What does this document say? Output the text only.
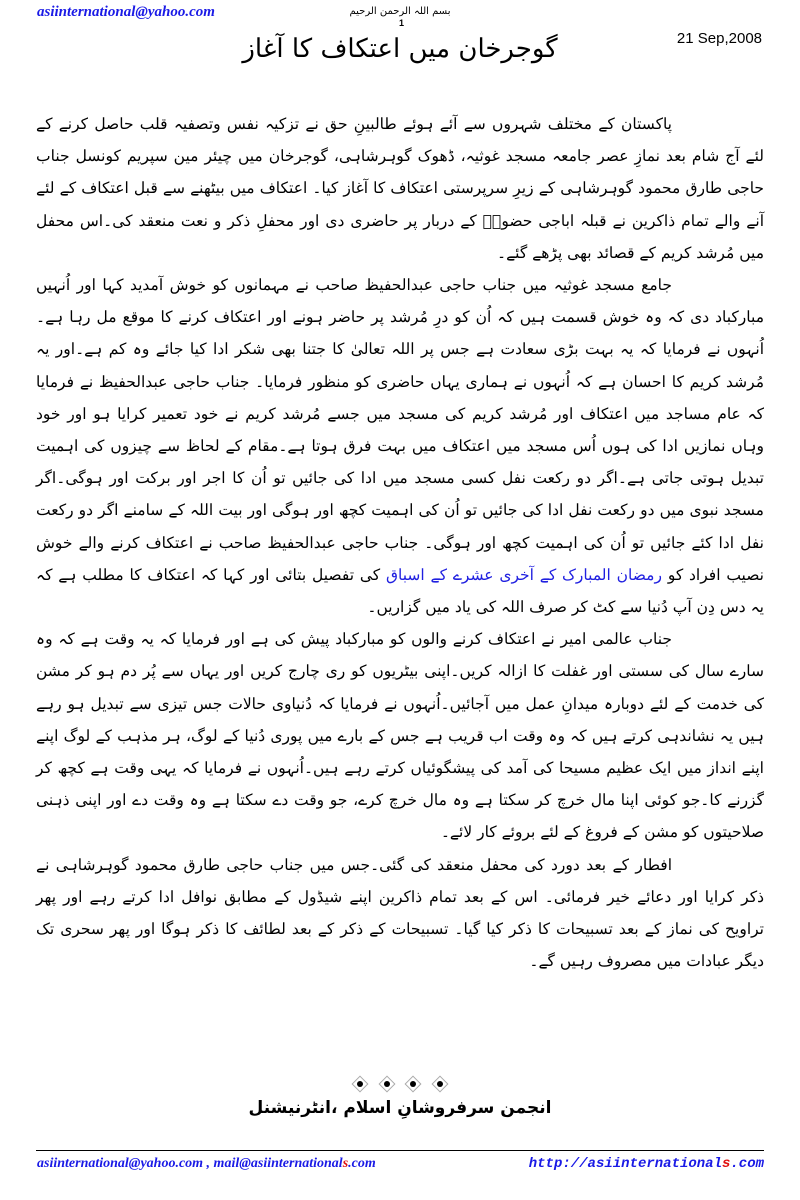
asiinternational@yahoo.com	بسم اللہ الرحمن الرحیم
1
21 Sep,2008
گوجرخان میں اعتکاف کا آغاز

پاکستان کے مختلف شہروں سے آئے ہوئے طالبینِ حق نے تزکیہ نفس وتصفیہ قلب حاصل کرنے کے لئے آج شام بعد نمازِ عصر جامعہ مسجد غوثیہ، ڈھوک گوہرشاہی، گوجرخان میں چیئر مین سپریم کونسل جناب حاجی طارق محمود گوہرشاہی کے زیرِ سرپرستی اعتکاف کا آغاز کیا۔ اعتکاف میں بیٹھنے سے قبل اعتکاف کے لئے آنے والے تمام ذاکرین نے قبلہ اباجی حضورؒ کے دربار پر حاضری دی اور محفلِ ذکر و نعت منعقد کی۔اس محفل میں مُرشد کریم کے قصائد بھی پڑھے گئے۔

جامع مسجد غوثیہ میں جناب حاجی عبدالحفیظ صاحب نے مہمانوں کو خوش آمدید کہا اور اُنہیں مبارکباد دی کہ وہ خوش قسمت ہیں کہ اُن کو درِ مُرشد پر حاضر ہونے اور اعتکاف کرنے کا موقع مل رہا ہے۔اُنہوں نے فرمایا کہ یہ بہت بڑی سعادت ہے جس پر اللہ تعالیٰ کا جتنا بھی شکر ادا کیا جائے وہ کم ہے۔اور یہ مُرشد کریم کا احسان ہے کہ اُنہوں نے ہماری یہاں حاضری کو منظور فرمایا۔ جناب حاجی عبدالحفیظ نے فرمایا کہ عام مساجد میں اعتکاف اور مُرشد کریم کی مسجد میں جسے مُرشد کریم نے خود تعمیر کرایا ہو اور خود وہاں نمازیں ادا کی ہوں اُس مسجد میں اعتکاف میں بہت فرق ہوتا ہے۔مقام کے لحاظ سے چیزوں کی اہمیت تبدیل ہوتی جاتی ہے۔اگر دو رکعت نفل کسی مسجد میں ادا کی جائیں تو اُن کا اجر اور برکت اور ہوگی۔اگر مسجد نبوی میں دو رکعت نفل ادا کی جائیں تو اُن کی اہمیت کچھ اور ہوگی اور بیت اللہ کے سامنے اگر دو رکعت نفل ادا کئے جائیں تو اُن کی اہمیت کچھ اور ہوگی۔ جناب حاجی عبدالحفیظ صاحب نے اعتکاف کرنے والے خوش نصیب افراد کو رمضان المبارک کے آخری عشرے کے اسباق کی تفصیل بتائی اور کہا کہ اعتکاف کا مطلب ہے کہ یہ دس دِن آپ دُنیا سے کٹ کر صرف اللہ کی یاد میں گزاریں۔

جناب عالمی امیر نے اعتکاف کرنے والوں کو مبارکباد پیش کی ہے اور فرمایا کہ یہ وقت ہے کہ وہ سارے سال کی سستی اور غفلت کا ازالہ کریں۔اپنی بیٹریوں کو ری چارج کریں اور یہاں سے پُر دم ہو کر مشن کی خدمت کے لئے دوبارہ میدانِ عمل میں آجائیں۔اُنہوں نے فرمایا کہ دُنیاوی حالات جس تیزی سے تبدیل ہو رہے ہیں یہ نشاندہی کرتے ہیں کہ وہ وقت اب قریب ہے جس کے بارے میں پوری دُنیا کے لوگ، ہر مذہب کے لوگ اپنے اپنے انداز میں ایک عظیم مسیحا کی آمد کی پیشگوئیاں کرتے رہے ہیں۔اُنہوں نے فرمایا کہ یہی وقت ہے کچھ کر گزرنے کا۔جو کوئی اپنا مال خرچ کر سکتا ہے وہ مال خرچ کرے، جو وقت دے سکتا ہے وہ وقت دے اور اپنی ذہنی صلاحیتوں کو مشن کے فروغ کے لئے بروئے کار لائے۔

افطار کے بعد دورد کی محفل منعقد کی گئی۔جس میں جناب حاجی طارق محمود گوہرشاہی نے ذکر کرایا اور دعائے خیر فرمائی۔ اس کے بعد تمام ذاکرین اپنے شیڈول کے مطابق نوافل ادا کرتے رہے اور پھر تراویح کی نماز کے بعد تسبیحات کا ذکر کیا گیا۔ تسبیحات کے ذکر کے بعد لطائف کا ذکر ہوگا اور پھر سحری تک دیگر عبادات میں مصروف رہیں گے۔

انجمن سرفروشانِ اسلام ،انٹرنیشنل
asiinternational@yahoo.com , mail@asiinternationals.com	http://asiinternationals.com
